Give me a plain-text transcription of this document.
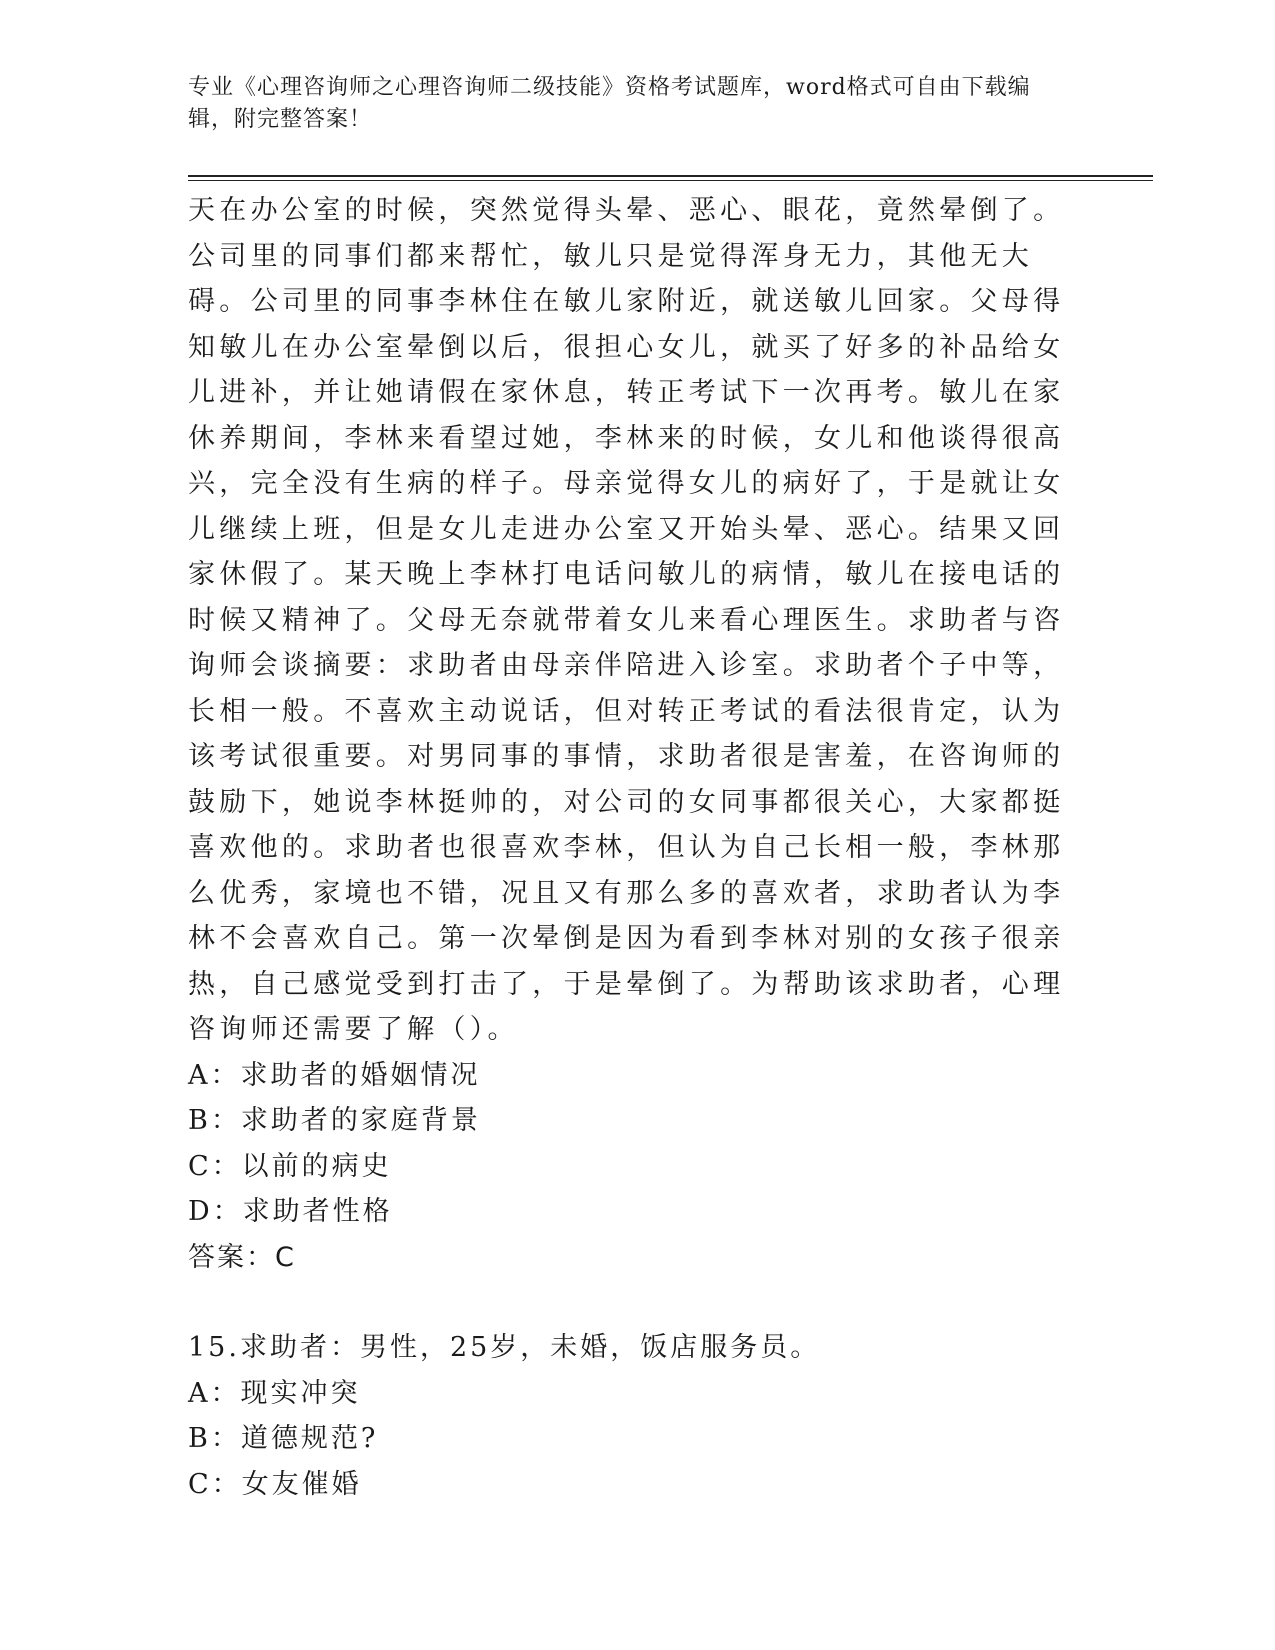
专业《心理咨询师之心理咨询师二级技能》资格考试题库，word格式可自由下载编辑，附完整答案！

天在办公室的时候，突然觉得头晕、恶心、眼花，竟然晕倒了。公司里的同事们都来帮忙，敏儿只是觉得浑身无力，其他无大碍。公司里的同事李林住在敏儿家附近，就送敏儿回家。父母得知敏儿在办公室晕倒以后，很担心女儿，就买了好多的补品给女儿进补，并让她请假在家休息，转正考试下一次再考。敏儿在家休养期间，李林来看望过她，李林来的时候，女儿和他谈得很高兴，完全没有生病的样子。母亲觉得女儿的病好了，于是就让女儿继续上班，但是女儿走进办公室又开始头晕、恶心。结果又回家休假了。某天晚上李林打电话问敏儿的病情，敏儿在接电话的时候又精神了。父母无奈就带着女儿来看心理医生。求助者与咨询师会谈摘要：求助者由母亲伴陪进入诊室。求助者个子中等，长相一般。不喜欢主动说话，但对转正考试的看法很肯定，认为该考试很重要。对男同事的事情，求助者很是害羞，在咨询师的鼓励下，她说李林挺帅的，对公司的女同事都很关心，大家都挺喜欢他的。求助者也很喜欢李林，但认为自己长相一般，李林那么优秀，家境也不错，况且又有那么多的喜欢者，求助者认为李林不会喜欢自己。第一次晕倒是因为看到李林对别的女孩子很亲热，自己感觉受到打击了，于是晕倒了。为帮助该求助者，心理咨询师还需要了解（）。

A：求助者的婚姻情况

B：求助者的家庭背景

C：以前的病史

D：求助者性格

答案：C

15.求助者：男性，25岁，未婚，饭店服务员。

A：现实冲突

B：道德规范?

C：女友催婚
